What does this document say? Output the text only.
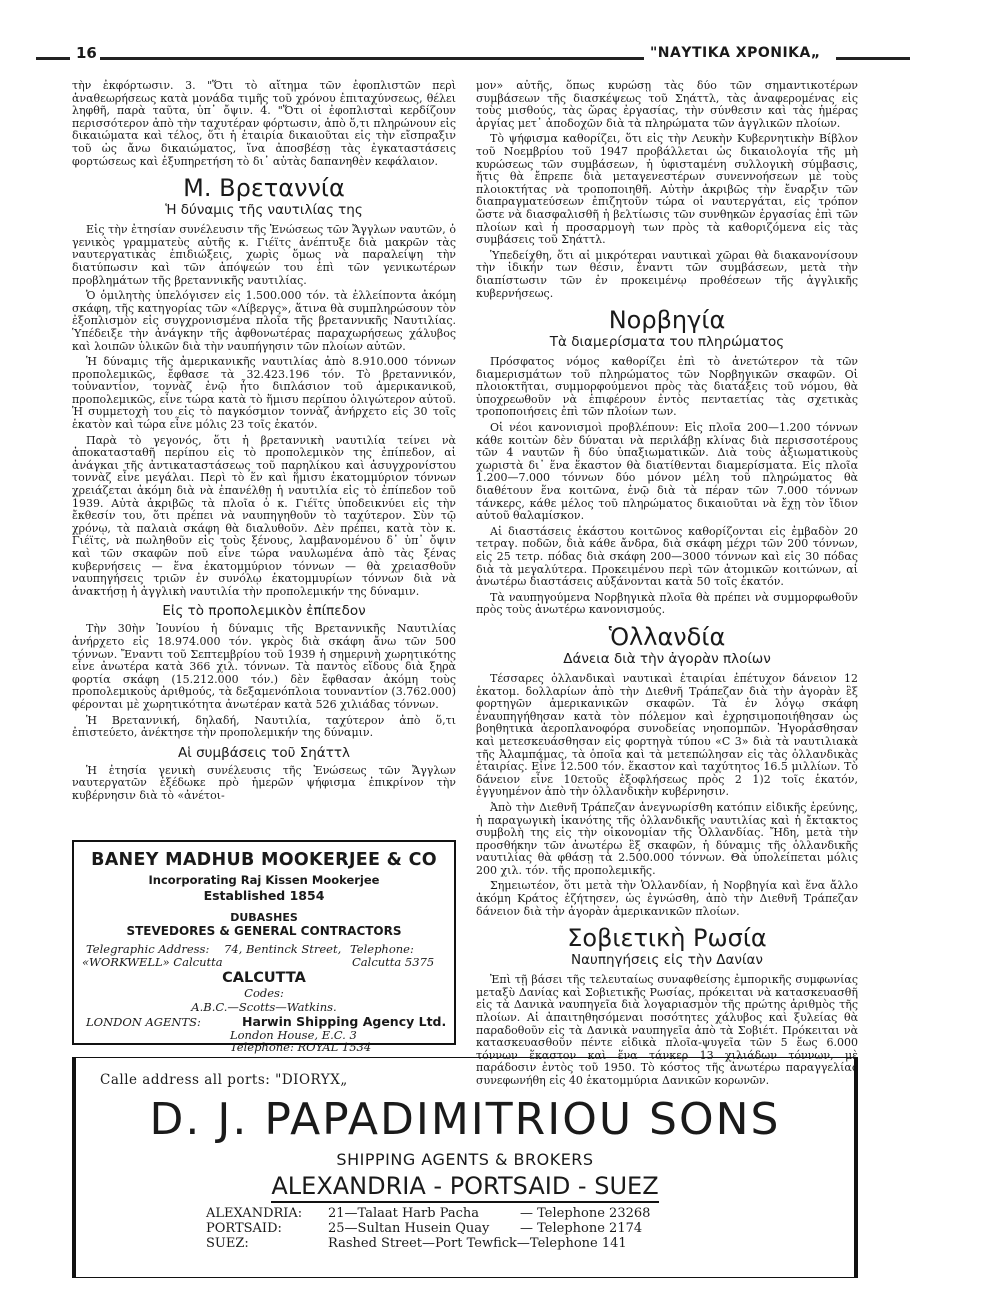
16	"ΝΑΥΤΙΚΑ ΧΡΟΝΙΚΑ„

τὴν ἐκφόρτωσιν. 3. "Ὅτι τὸ αἴτημα τῶν ἐφοπλιστῶν περὶ ἀναθεωρήσεως κατὰ μονάδα τιμῆς τοῦ χρόνου ἐπιταχύνσεως, θέλει ληφθῆ, παρὰ ταῦτα, ὑπ᾽ ὄψιν. 4. "Ὅτι οἱ ἐφοπλισταὶ κερδίζουν περισσότερον ἀπὸ τὴν ταχυτέραν φόρτωσιν, ἀπὸ ὅ,τι πληρώνουν εἰς δικαιώματα καὶ τέλος, ὅτι ἡ ἑταιρία δικαιοῦται εἰς τὴν εἴσπραξιν τοῦ ὡς ἄνω δικαιώματος, ἵνα ἀποσβέσῃ τὰς ἐγκαταστάσεις φορτώσεως καὶ ἐξυπηρετήση τὸ δι᾽ αὐτὰς δαπανηθὲν κεφάλαιον.

Μ. Βρεταννία
Ἡ δύναμις τῆς ναυτιλίας της

Εἰς τὴν ἐτησίαν συνέλευσιν τῆς Ἑνώσεως τῶν Ἄγγλων ναυτῶν, ὁ γενικὸς γραμματεὺς αὐτῆς κ. Γιέϊτς ἀνέπτυξε διὰ μακρῶν τὰς ναυτεργατικὰς ἐπιδιώξεις, χωρὶς ὅμως νὰ παραλείψη τὴν διατύπωσιν καὶ τῶν ἀπόψεών του ἐπὶ τῶν γενικωτέρων προβλημάτων τῆς βρεταννικῆς ναυτιλίας.

Ὁ ὁμιλητὴς ὑπελόγισεν εἰς 1.500.000 τόν. τὰ ἐλλείποντα ἀκόμη σκάφη, τῆς κατηγορίας τῶν «Λίβεργς», ἅτινα θὰ συμπληρώσουν τὸν ἐξοπλισμὸν εἰς συγχρονισμένα πλοῖα τῆς βρεταννικῆς Ναυτιλίας. Ὑπέδειξε τὴν ἀνάγκην τῆς ἀφθονωτέρας παραχωρήσεως χάλυβος καὶ λοιπῶν ὑλικῶν διὰ τὴν ναυπήγησιν τῶν πλοίων αὐτῶν.

Ἡ δύναμις τῆς ἀμερικανικῆς ναυτιλίας ἀπὸ 8.910.000 τόννων προπολεμικῶς, ἔφθασε τὰ 32.423.196 τόν. Τὸ βρεταννικόν, τοὐναντίον, τοννὰζ ἐνῷ ἦτο διπλάσιον τοῦ ἀμερικανικοῦ, προπολεμικῶς, εἶνε τώρα κατὰ τὸ ἥμισυ περίπου ὀλιγώτερον αὐτοῦ. Ἡ συμμετοχὴ του εἰς τὸ παγκόσμιον τοννὰζ ἀνήρχετο εἰς 30 τοῖς ἑκατὸν καὶ τώρα εἶνε μόλις 23 τοῖς ἑκατόν.

Παρὰ τὸ γεγονός, ὅτι ἡ βρεταννικὴ ναυτιλία τείνει νὰ ἀποκατασταθῆ περίπου εἰς τὸ προπολεμικὸν της ἐπίπεδον, αἱ ἀνάγκαι τῆς ἀντικαταστάσεως τοῦ παρηλίκου καὶ ἀσυγχρονίστου τοννὰζ εἶνε μεγάλαι. Περὶ τὸ ἕν καὶ ἥμισυ ἑκατομμύριον τόννων χρειάζεται ἀκόμη διὰ νὰ ἐπανέλθῃ ἡ ναυτιλία εἰς τὸ ἐπίπεδον τοῦ 1939. Αὐτὰ ἀκριβῶς τὰ πλοῖα ὁ κ. Γιέϊτς ὑποδεικνύει εἰς τὴν ἔκθεσίν του, ὅτι πρέπει νὰ ναυπηγηθοῦν τὸ ταχύτερον. Σὺν τῷ χρόνῳ, τὰ παλαιὰ σκάφη θὰ διαλυθοῦν. Δὲν πρέπει, κατὰ τὸν κ. Γιέϊτς, νὰ πωληθοῦν εἰς τοὺς ξένους, λαμβανομένου δ᾽ ὑπ᾽ ὄψιν καὶ τῶν σκαφῶν ποῦ εἶνε τώρα ναυλωμένα ἀπὸ τὰς ξένας κυβερνήσεις — ἕνα ἑκατομμύριον τόννων — θὰ χρειασθοῦν ναυπηγήσεις τριῶν ἐν συνόλῳ ἑκατομμυρίων τόννων διὰ νὰ ἀνακτήσῃ ἡ ἀγγλικὴ ναυτιλία τὴν προπολεμικήν της δύναμιν.

Εἰς τὸ προπολεμικὸν ἐπίπεδον

Τὴν 30ὴν Ἰουνίου ἡ δύναμις τῆς Βρεταννικῆς Ναυτιλίας ἀνήρχετο εἰς 18.974.000 τόν. γκρὸς διὰ σκάφη ἄνω τῶν 500 τόννων. Ἔναντι τοῦ Σεπτεμβρίου τοῦ 1939 ἡ σημερινὴ χωρητικότης εἶνε ἀνωτέρα κατὰ 366 χιλ. τόννων. Τὰ παντὸς εἴδους διὰ ξηρὰ φορτία σκάφη (15.212.000 τόν.) δὲν ἔφθασαν ἀκόμη τοὺς προπολεμικοὺς ἀριθμούς, τὰ δεξαμενόπλοια τουναντίον (3.762.000) φέρονται μὲ χωρητικότητα ἀνωτέραν κατὰ 526 χιλιάδας τόννων.

Ἡ Βρεταννική, δηλαδή, Ναυτιλία, ταχύτερον ἀπὸ ὅ,τι ἐπιστεύετο, ἀνέκτησε τὴν προπολεμικήν της δύναμιν.

Αἱ συμβάσεις τοῦ Σηάττλ

Ἡ ἐτησία γενικὴ συνέλευσις τῆς Ἑνώσεως τῶν Ἄγγλων ναυτεργατῶν ἐξέδωκε πρὸ ἡμερῶν ψήφισμα ἐπικρίνον τὴν κυβέρνησιν διὰ τὸ «ἀνέτοι-

μον» αὐτῆς, ὅπως κυρώσῃ τὰς δύο τῶν σημαντικοτέρων συμβάσεων τῆς διασκέψεως τοῦ Σηάττλ, τὰς ἀναφερομένας εἰς τοὺς μισθούς, τὰς ὥρας ἐργασίας, τὴν σύνθεσιν καὶ τὰς ἡμέρας ἀργίας μετ᾽ ἀποδοχῶν διὰ τὰ πληρώματα τῶν ἀγγλικῶν πλοίων.

Τὸ ψήφισμα καθορίζει, ὅτι εἰς τὴν Λευκὴν Κυβερνητικὴν Βίβλον τοῦ Νοεμβρίου τοῦ 1947 προβάλλεται ὡς δικαιολογία τῆς μὴ κυρώσεως τῶν συμβάσεων, ἡ ὑφισταμένη συλλογικὴ σύμβασις, ἥτις θὰ ἔπρεπε διὰ μεταγενεστέρων συνεννοήσεων μὲ τοὺς πλοιοκτήτας νὰ τροποποιηθῆ. Αὐτὴν ἀκριβῶς τὴν ἔναρξιν τῶν διαπραγματεύσεων ἐπιζητοῦν τώρα οἱ ναυτεργάται, εἰς τρόπον ὥστε νὰ διασφαλισθῆ ἡ βελτίωσις τῶν συνθηκῶν ἐργασίας ἐπὶ τῶν πλοίων καὶ ἡ προσαρμογὴ των πρὸς τὰ καθοριζόμενα εἰς τὰς συμβάσεις τοῦ Σηάττλ.

Ὑπεδείχθη, ὅτι αἱ μικρότεραι ναυτικαὶ χῶραι θὰ διακανονίσουν τὴν ἰδικήν των θέσιν, ἔναντι τῶν συμβάσεων, μετὰ τὴν διαπίστωσιν τῶν ἐν προκειμένῳ προθέσεων τῆς ἀγγλικῆς κυβερνήσεως.

Νορβηγία
Τὰ διαμερίσματα του πληρώματος

Πρόσφατος νόμος καθορίζει ἐπὶ τὸ ἀνετώτερον τὰ τῶν διαμερισμάτων τοῦ πληρώματος τῶν Νορβηγικῶν σκαφῶν. Οἱ πλοιοκτῆται, συμμορφούμενοι πρὸς τὰς διατάξεις τοῦ νόμου, θὰ ὑποχρεωθοῦν νὰ ἐπιφέρουν ἐντὸς πενταετίας τὰς σχετικὰς τροποποιήσεις ἐπὶ τῶν πλοίων των.

Οἱ νέοι κανονισμοὶ προβλέπουν: Εἰς πλοῖα 200—1.200 τόννων κάθε κοιτὼν δὲν δύναται νὰ περιλάβῃ κλίνας διὰ περισσοτέρους τῶν 4 ναυτῶν ἢ δύο ὑπαξιωματικῶν. Διὰ τοὺς ἀξιωματικοὺς χωριστὰ δι᾽ ἕνα ἕκαστον θὰ διατίθενται διαμερίσματα. Εἰς πλοῖα 1.200—7.000 τόννων δύο μόνον μέλη τοῦ πληρώματος θὰ διαθέτουν ἕνα κοιτῶνα, ἐνῷ διὰ τὰ πέραν τῶν 7.000 τόννων τάνκερς, κάθε μέλος τοῦ πληρώματος δικαιοῦται νὰ ἔχῃ τὸν ἴδιον αὐτοῦ θαλαμίσκον.

Αἱ διαστάσεις ἑκάστου κοιτῶνος καθορίζονται εἰς ἐμβαδὸν 20 τετραγ. ποδῶν, διὰ κάθε ἄνδρα, διὰ σκάφη μέχρι τῶν 200 τόννων, εἰς 25 τετρ. πόδας διὰ σκάφη 200—3000 τόννων καὶ εἰς 30 πόδας διὰ τὰ μεγαλύτερα. Προκειμένου περὶ τῶν ἀτομικῶν κοιτώνων, αἱ ἀνωτέρω διαστάσεις αὐξάνονται κατὰ 50 τοῖς ἑκατόν.

Τὰ ναυπηγούμενα Νορβηγικὰ πλοῖα θὰ πρέπει νὰ συμμορφωθοῦν πρὸς τοὺς ἀνωτέρω κανονισμούς.

Ὁλλανδία
Δάνεια διὰ τὴν ἀγορὰν πλοίων

Τέσσαρες ὁλλανδικαὶ ναυτικαὶ ἑταιρίαι ἐπέτυχον δάνειον 12 ἑκατομ. δολλαρίων ἀπὸ τὴν Διεθνῆ Τράπεζαν διὰ τὴν ἀγορὰν ἓξ φορτηγῶν ἀμερικανικῶν σκαφῶν. Τὰ ἐν λόγῳ σκάφη ἐναυπηγήθησαν κατὰ τὸν πόλεμον καὶ ἐχρησιμοποιήθησαν ὡς βοηθητικὰ ἀεροπλανοφόρα συνοδείας νηοπομπῶν. Ἡγοράσθησαν καὶ μετεσκευάσθησαν εἰς φορτηγὰ τύπου «C 3» διὰ τὰ ναυτιλιακὰ τῆς Ἀλαμπάμας, τὰ ὁποῖα καὶ τὰ μετεπώλησαν εἰς τὰς ὁλλανδικὰς ἑταιρίας. Εἶνε 12.500 τόν. ἕκαστον καὶ ταχύτητος 16.5 μιλλίων. Τὸ δάνειον εἶνε 10ετοῦς ἐξοφλήσεως πρὸς 2 1)2 τοῖς ἑκατόν, ἐγγυημένον ἀπὸ τὴν ὁλλανδικὴν κυβέρνησιν.

Ἀπὸ τὴν Διεθνῆ Τράπεζαν ἀνεγνωρίσθη κατόπιν εἰδικῆς ἐρεύνης, ἡ παραγωγικὴ ἱκανότης τῆς ὁλλανδικῆς ναυτιλίας καὶ ἡ ἔκτακτος συμβολὴ της εἰς τὴν οἰκονομίαν τῆς Ὁλλανδίας. Ἤδη, μετὰ τὴν προσθήκην τῶν ἀνωτέρω ἓξ σκαφῶν, ἡ δύναμις τῆς ὁλλανδικῆς ναυτιλίας θὰ φθάσῃ τὰ 2.500.000 τόννων. Θὰ ὑπολείπεται μόλις 200 χιλ. τόν. τῆς προπολεμικῆς.

Σημειωτέον, ὅτι μετὰ τὴν Ὁλλανδίαν, ἡ Νορβηγία καὶ ἕνα ἄλλο ἀκόμη Κράτος ἐζήτησεν, ὡς ἐγνώσθη, ἀπὸ τὴν Διεθνῆ Τράπεζαν δάνειον διὰ τὴν ἀγορὰν ἀμερικανικῶν πλοίων.

Σοβιετικὴ Ρωσία
Ναυπηγήσεις εἰς τὴν Δανίαν

Ἐπὶ τῇ βάσει τῆς τελευταίως συναφθείσης ἐμπορικῆς συμφωνίας μεταξὺ Δανίας καὶ Σοβιετικῆς Ρωσίας, πρόκειται νὰ κατασκευασθῆ εἰς τὰ Δανικὰ ναυπηγεῖα διὰ λογαριασμὸν τῆς πρώτης ἀριθμὸς τῆς πλοίων. Αἱ ἀπαιτηθησόμεναι ποσότητες χάλυβος καὶ ξυλείας θὰ παραδοθοῦν εἰς τὰ Δανικὰ ναυπηγεῖα ἀπὸ τὰ Σοβιέτ. Πρόκειται νὰ κατασκευασθοῦν πέντε εἰδικὰ πλοῖα-ψυγεῖα τῶν 5 ἕως 6.000 τόννων ἕκαστον καὶ ἕνα τάνκερ 13 χιλιάδων τόννων, μὲ παράδοσιν ἐντὸς τοῦ 1950. Τὸ κόστος τῆς ἀνωτέρω παραγγελίας συνεφωνήθη εἰς 40 ἑκατομμύρια Δανικῶν κορωνῶν.

BANEY MADHUB MOOKERJEE & CO
Incorporating Raj Kissen Mookerjee
Established 1854
DUBASHES
STEVEDORES & GENERAL CONTRACTORS
Telegraphic Address: 74, Bentinck Street, Telephone:
«WORKWELL» Calcutta	Calcutta 5375
CALCUTTA
Codes:
A.B.C.—Scotts—Watkins.
LONDON AGENTS:	Harwin Shipping Agency Ltd.
London House, E.C. 3
Telephone: ROYAL 1534
Calle address all ports: "DIORYX„
D. J. PAPADIMITRIOU SONS
SHIPPING AGENTS & BROKERS
ALEXANDRIA - PORTSAID - SUEZ
ALEXANDRIA: 21—Talaat Harb Pacha	— Telephone 23268
PORTSAID:	25—Sultan Husein Quay — Telephone 2174
SUEZ:	Rashed Street—Port Tewfick—Telephone 141
